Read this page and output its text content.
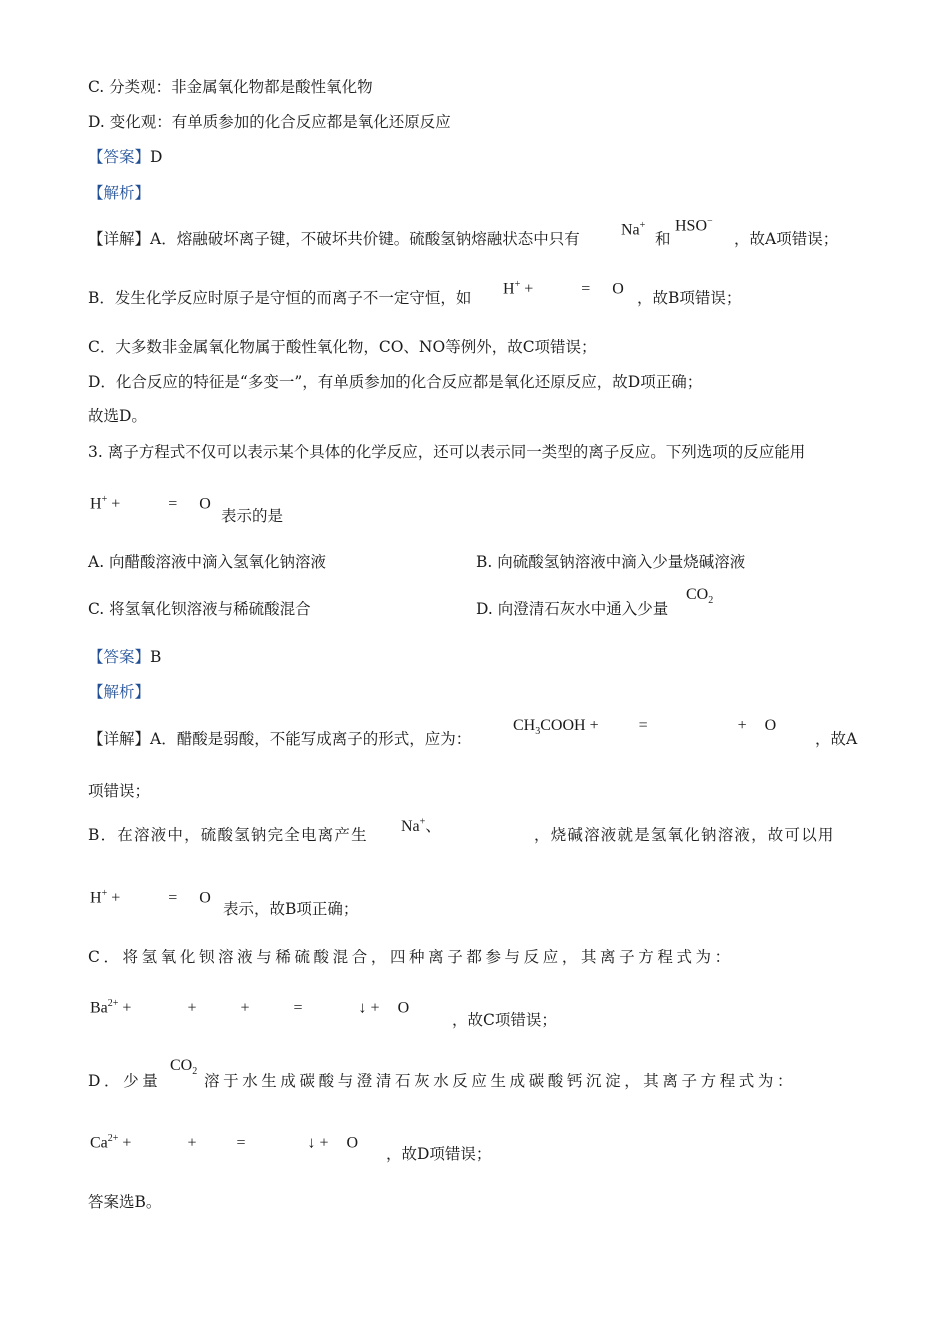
C. 分类观：非金属氧化物都是酸性氧化物
D. 变化观：有单质参加的化合反应都是氧化还原反应
【答案】D
【解析】
【详解】A．熔融破坏离子键，不破坏共价键。硫酸氢钠熔融状态中只有
Na+
和
HSO−
，故A项错误；
B．发生化学反应时原子是守恒的而离子不一定守恒，如
H+ +	= O
，故B项错误；
C．大多数非金属氧化物属于酸性氧化物，CO、NO等例外，故C项错误；
D．化合反应的特征是“多变一”，有单质参加的化合反应都是氧化还原反应，故D项正确；
故选D。
3. 离子方程式不仅可以表示某个具体的化学反应，还可以表示同一类型的离子反应。下列选项的反应能用
H+ +	= O
表示的是
A. 向醋酸溶液中滴入氢氧化钠溶液	B. 向硫酸氢钠溶液中滴入少量烧碱溶液
C. 将氢氧化钡溶液与稀硫酸混合	D. 向澄清石灰水中通入少量
$CO_2$
【答案】B
【解析】
【详解】A．醋酸是弱酸，不能写成离子的形式，应为：
$CH_3COOH$ +	=	+ O
，故A
项错误；
B．在溶液中，硫酸氢钠完全电离产生 Na+、	，烧碱溶液就是氢氧化钠溶液，故可以用
H+ +	= O
表示，故B项正确；
C．将氢氧化钡溶液与稀硫酸混合，四种离子都参与反应，其离子方程式为：
$Ba^{2+}$ +	+	+	=	↓ + O
，故C项错误；
D．少量
$CO_2$
溶于水生成碳酸与澄清石灰水反应生成碳酸钙沉淀，其离子方程式为：
$Ca^{2+}$ +	+	=	↓ + O
，故D项错误；
答案选B。
